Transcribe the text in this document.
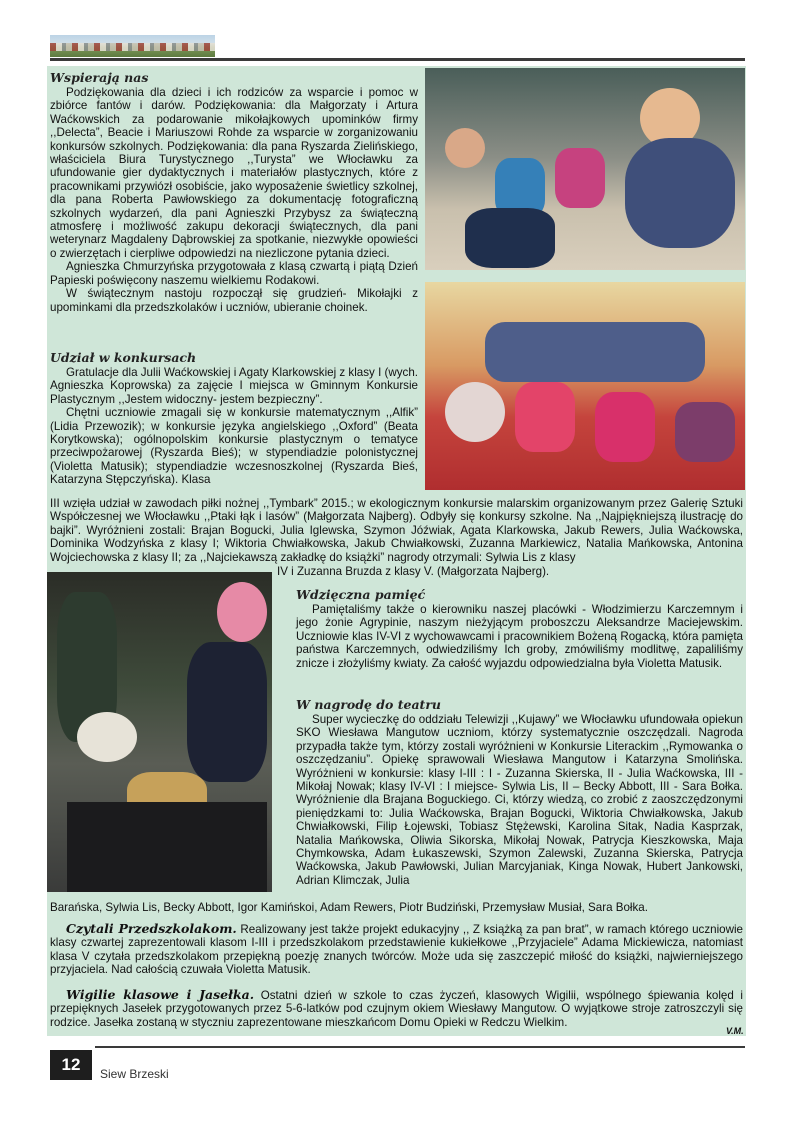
Wspierają nas

Podziękowania dla dzieci i ich rodziców za wsparcie i pomoc w zbiórce fantów i darów. Podziękowania: dla Małgorzaty i Artura Waćkowskich za podarowanie mikołajkowych upominków firmy ,,Delecta”, Beacie i Mariuszowi Rohde za wsparcie w zorganizowaniu konkursów szkolnych. Podziękowania: dla pana Ryszarda Zielińskiego, właściciela Biura Turystycznego ,,Turysta” we Włocławku za ufundowanie gier dydaktycznych i materiałów plastycznych, które z pracownikami przywiózł osobiście, jako wyposażenie świetlicy szkolnej, dla pana Roberta Pawłowskiego za dokumentację fotograficzną szkolnych wydarzeń, dla pani Agnieszki Przybysz za świąteczną atmosferę i możliwość zakupu dekoracji świątecznych, dla pani weterynarz Magdaleny Dąbrowskiej za spotkanie, niezwykłe opowieści o zwierzętach i cierpliwe odpowiedzi na niezliczone pytania dzieci.

Agnieszka Chmurzyńska przygotowała z klasą czwartą i piątą Dzień Papieski poświęcony naszemu wielkiemu Rodakowi.

W świątecznym nastoju rozpoczął się grudzień- Mikołajki z upominkami dla przedszkolaków i uczniów, ubieranie choinek.

Udział w konkursach

Gratulacje dla Julii Waćkowskiej i Agaty Klarkowskiej z klasy I (wych. Agnieszka Koprowska) za zajęcie I miejsca w Gminnym Konkursie Plastycznym ,,Jestem widoczny- jestem bezpieczny”.

Chętni uczniowie zmagali się w konkursie matematycznym ,,Alfik” (Lidia Przewozik); w konkursie języka angielskiego ,,Oxford” (Beata Korytkowska); ogólnopolskim konkursie plastycznym o tematyce przeciwpożarowej (Ryszarda Bieś); w stypendiadzie polonistycznej (Violetta Matusik); stypendiadzie wczesnoszkolnej (Ryszarda Bieś, Katarzyna Stępczyńska). Klasa

III wzięła udział w zawodach piłki nożnej ,,Tymbark” 2015.; w ekologicznym konkursie malarskim organizowanym przez Galerię Sztuki Współczesnej we Włocławku ,,Ptaki łąk i lasów” (Małgorzata Najberg). Odbyły się konkursy szkolne. Na ,,Najpiękniejszą ilustrację do bajki”. Wyróżnieni zostali: Brajan Bogucki, Julia Iglewska, Szymon Jóźwiak, Agata Klarkowska, Jakub Rewers, Julia Waćkowska, Dominika Wodzyńska z klasy I; Wiktoria Chwiałkowska, Jakub Chwiałkowski, Zuzanna Markiewicz, Natalia Mańkowska, Antonina Wojciechowska z klasy II; za ,,Najciekawszą zakładkę do książki” nagrody otrzymali: Sylwia Lis z klasy

IV i Zuzanna Bruzda z klasy V. (Małgorzata Najberg).

Wdzięczna pamięć

Pamiętaliśmy także o kierowniku naszej placówki - Włodzimierzu Karczemnym i jego żonie Agrypinie, naszym nieżyjącym proboszczu Aleksandrze Maciejewskim. Uczniowie klas IV-VI z wychowawcami i pracownikiem Bożeną Rogacką, która pamięta państwa Karczemnych, odwiedziliśmy Ich groby, zmówiliśmy modlitwę, zapaliliśmy znicze i złożyliśmy kwiaty. Za całość wyjazdu odpowiedzialna była Violetta Matusik.

W nagrodę do teatru

Super wycieczkę do oddziału Telewizji ,,Kujawy” we Włocławku ufundowała opiekun SKO Wiesława Mangutow uczniom, którzy systematycznie oszczędzali. Nagroda przypadła także tym, którzy zostali wyróżnieni w Konkursie Literackim ,,Rymowanka o oszczędzaniu”. Opiekę sprawowali Wiesława Mangutow i Katarzyna Smolińska. Wyróżnieni w konkursie: klasy I-III : I - Zuzanna Skierska, II - Julia Waćkowska, III - Mikołaj Nowak; klasy IV-VI : I miejsce- Sylwia Lis, II – Becky Abbott, III - Sara Bołka. Wyróżnienie dla Brajana Boguckiego. Ci, którzy wiedzą, co zrobić z zaoszczędzonymi pieniędzkami to: Julia Waćkowska, Brajan Bogucki, Wiktoria Chwiałkowska, Jakub Chwiałkowski, Filip Łojewski, Tobiasz Stężewski, Karolina Sitak, Nadia Kasprzak, Natalia Mańkowska, Oliwia Sikorska, Mikołaj Nowak, Patrycja Kieszkowska, Maja Chymkowska, Adam Łukaszewski, Szymon Zalewski, Zuzanna Skierska, Patrycja Waćkowska, Jakub Pawłowski, Julian Marcyjaniak, Kinga Nowak, Hubert Jankowski, Adrian Klimczak, Julia

Barańska, Sylwia Lis, Becky Abbott, Igor Kamińskoi, Adam Rewers, Piotr Budziński, Przemysław Musiał, Sara Bołka.

Czytali Przedszkolakom. Realizowany jest także projekt edukacyjny ,, Z książką za pan brat”, w ramach którego uczniowie klasy czwartej zaprezentowali klasom I-III i przedszkolakom przedstawienie kukiełkowe ,,Przyjaciele” Adama Mickiewicza, natomiast klasa V czytała przedszkolakom przepiękną poezję znanych twórców. Może uda się zaszczepić miłość do książki, najwierniejszego przyjaciela. Nad całością czuwała Violetta Matusik.

Wigilie klasowe i Jasełka. Ostatni dzień w szkole to czas życzeń, klasowych Wigilii, wspólnego śpiewania kolęd i przepięknych Jasełek przygotowanych przez 5-6-latków pod czujnym okiem Wiesławy Mangutow. O wyjątkowe stroje zatroszczyli się rodzice. Jasełka zostaną w styczniu zaprezentowane mieszkańcom Domu Opieki w Redczu Wielkim.

V.M.
12	Siew Brzeski
